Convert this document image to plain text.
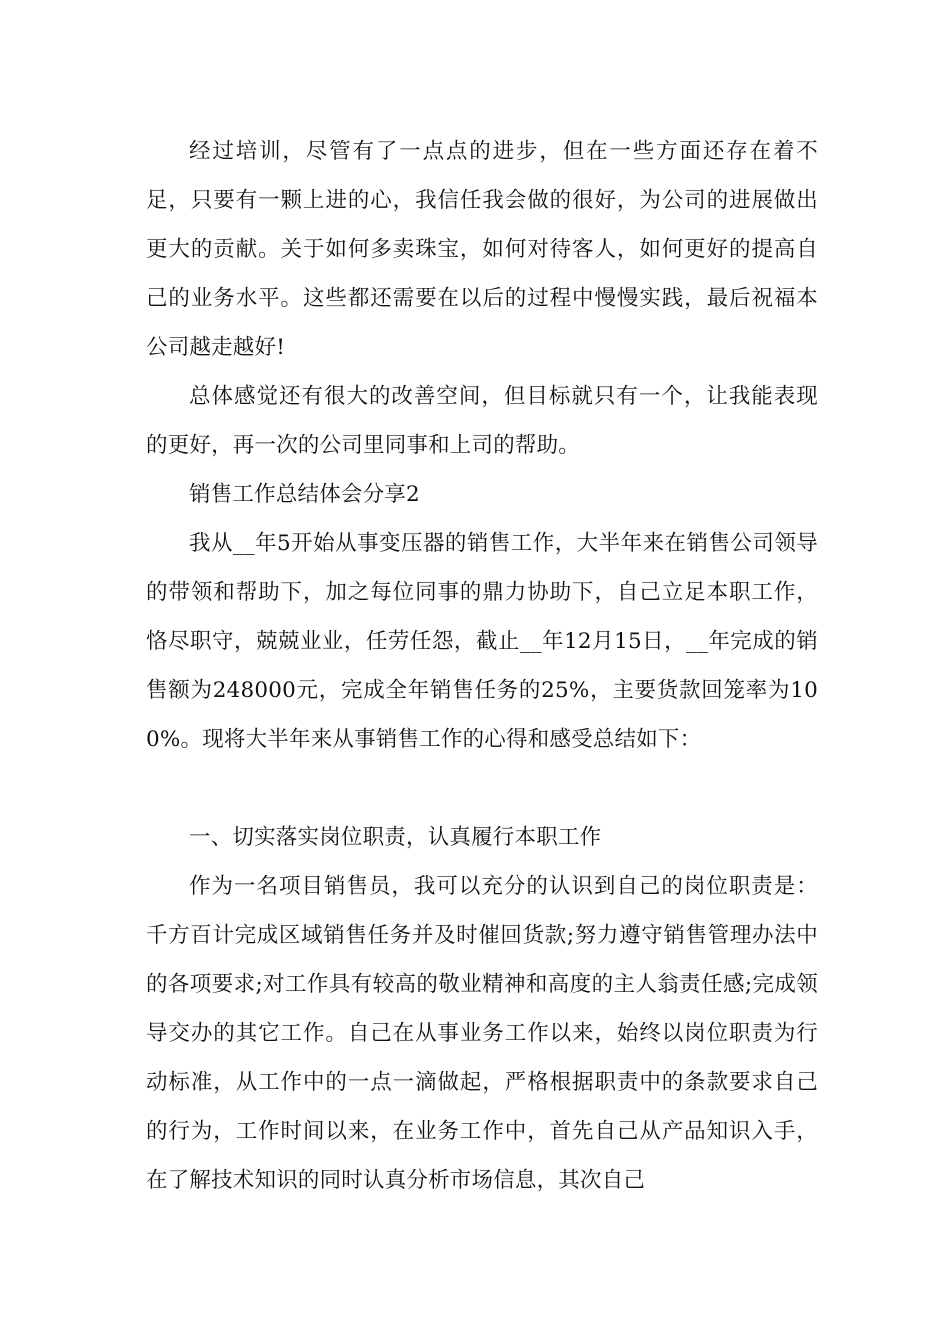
经过培训，尽管有了一点点的进步，但在一些方面还存在着不足，只要有一颗上进的心，我信任我会做的很好，为公司的进展做出更大的贡献。关于如何多卖珠宝，如何对待客人，如何更好的提高自己的业务水平。这些都还需要在以后的过程中慢慢实践，最后祝福本公司越走越好!

总体感觉还有很大的改善空间，但目标就只有一个，让我能表现的更好，再一次的公司里同事和上司的帮助。

销售工作总结体会分享2

我从__年5开始从事变压器的销售工作，大半年来在销售公司领导的带领和帮助下，加之每位同事的鼎力协助下，自己立足本职工作，恪尽职守，兢兢业业，任劳任怨，截止__年12月15日，__年完成的销售额为248000元，完成全年销售任务的25%，主要货款回笼率为100%。现将大半年来从事销售工作的心得和感受总结如下：

一、切实落实岗位职责，认真履行本职工作

作为一名项目销售员，我可以充分的认识到自己的岗位职责是：千方百计完成区域销售任务并及时催回货款;努力遵守销售管理办法中的各项要求;对工作具有较高的敬业精神和高度的主人翁责任感;完成领导交办的其它工作。自己在从事业务工作以来，始终以岗位职责为行动标准，从工作中的一点一滴做起，严格根据职责中的条款要求自己的行为，工作时间以来，在业务工作中，首先自己从产品知识入手，在了解技术知识的同时认真分析市场信息，其次自己
